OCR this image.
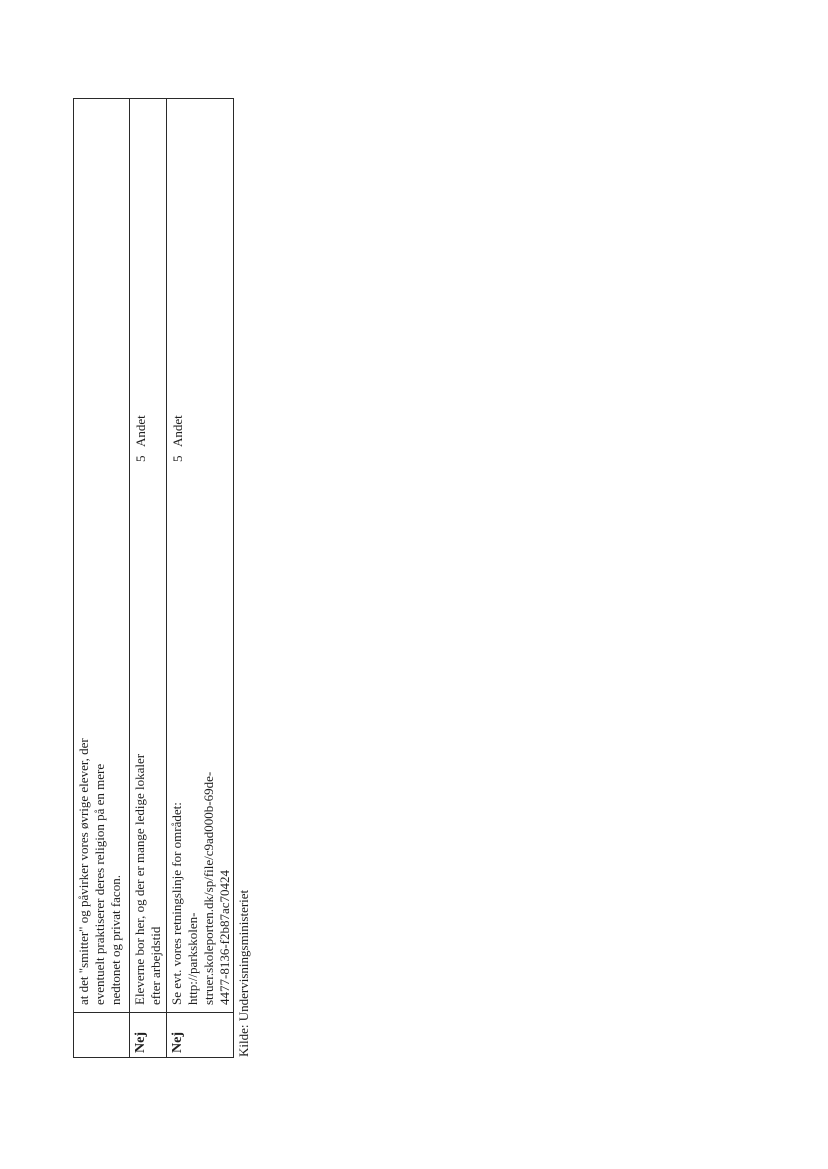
at det "smitter" og påvirker vores øvrige elever, der eventuelt praktiserer deres religion på en mere nedtonet og privat facon.
Nej
Eleverne bor her, og der er mange ledige lokaler efter arbejdstid
5
Andet
Nej
Se evt. vores retningslinje for området: http://parkskolen- struer.skoleporten.dk/sp/file/c9ad000b-69de- 4477-8136-f2b87ac70424
5
Andet
Kilde: Undervisningsministeriet
